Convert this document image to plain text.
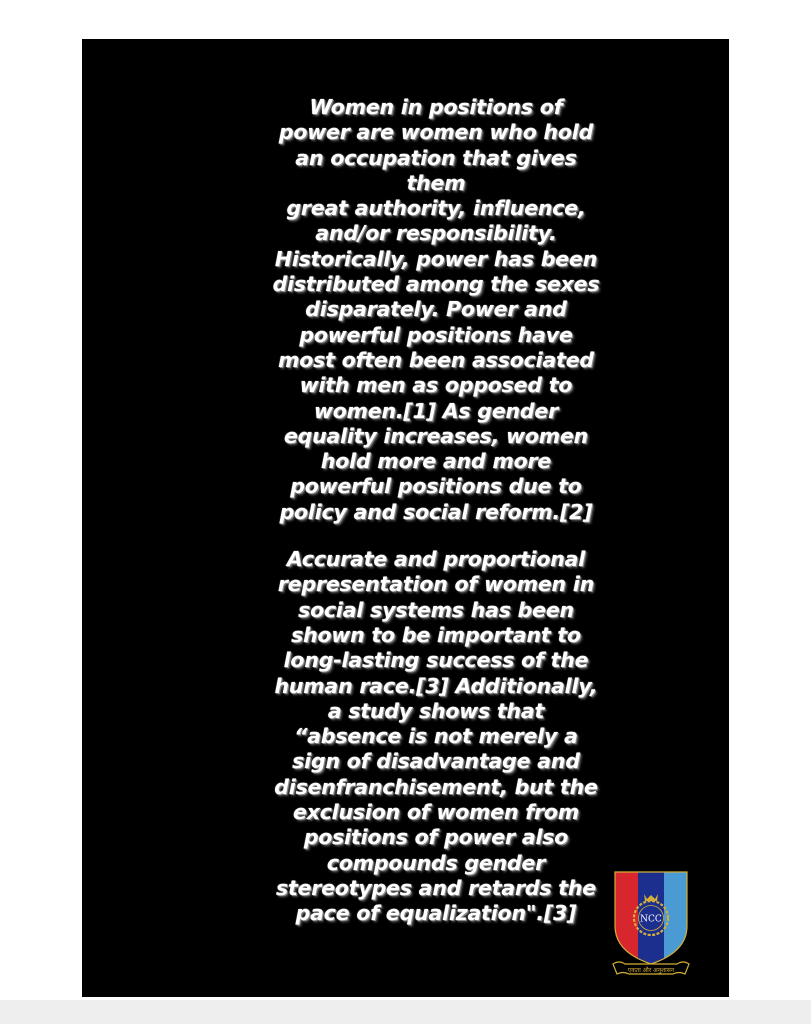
Women in positions of
power are women who hold
an occupation that gives
them
great authority, influence,
and/or responsibility.
Historically, power has been
distributed among the sexes
disparately. Power and
powerful positions have
most often been associated
with men as opposed to
women.[1] As gender
equality increases, women
hold more and more
powerful positions due to
policy and social reform.[2]
Accurate and proportional
representation of women in
social systems has been
shown to be important to
long-lasting success of the
human race.[3] Additionally,
a study shows that
“absence is not merely a
sign of disadvantage and
disenfranchisement, but the
exclusion of women from
positions of power also
compounds gender
stereotypes and retards the
pace of equalization".[3]	NCC
एकता और अनुशासन
